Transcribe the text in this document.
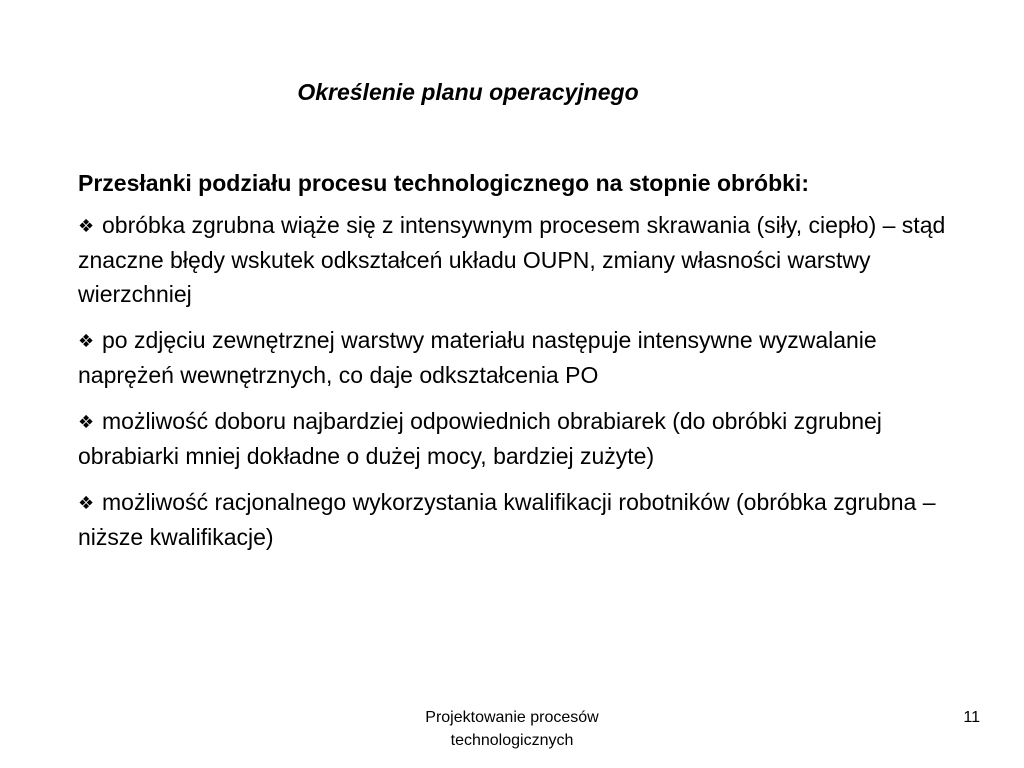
Określenie planu operacyjnego

Przesłanki podziału procesu technologicznego na stopnie obróbki:

❖ obróbka zgrubna wiąże się z intensywnym procesem skrawania (siły, ciepło) – stąd znaczne błędy wskutek odkształceń układu OUPN, zmiany własności warstwy wierzchniej
❖ po zdjęciu zewnętrznej warstwy materiału następuje intensywne wyzwalanie naprężeń wewnętrznych, co daje odkształcenia PO
❖ możliwość doboru najbardziej odpowiednich obrabiarek (do obróbki zgrubnej obrabiarki mniej dokładne o dużej mocy, bardziej zużyte)
❖ możliwość racjonalnego wykorzystania kwalifikacji robotników (obróbka zgrubna – niższe kwalifikacje)
Projektowanie procesów
technologicznych
11
